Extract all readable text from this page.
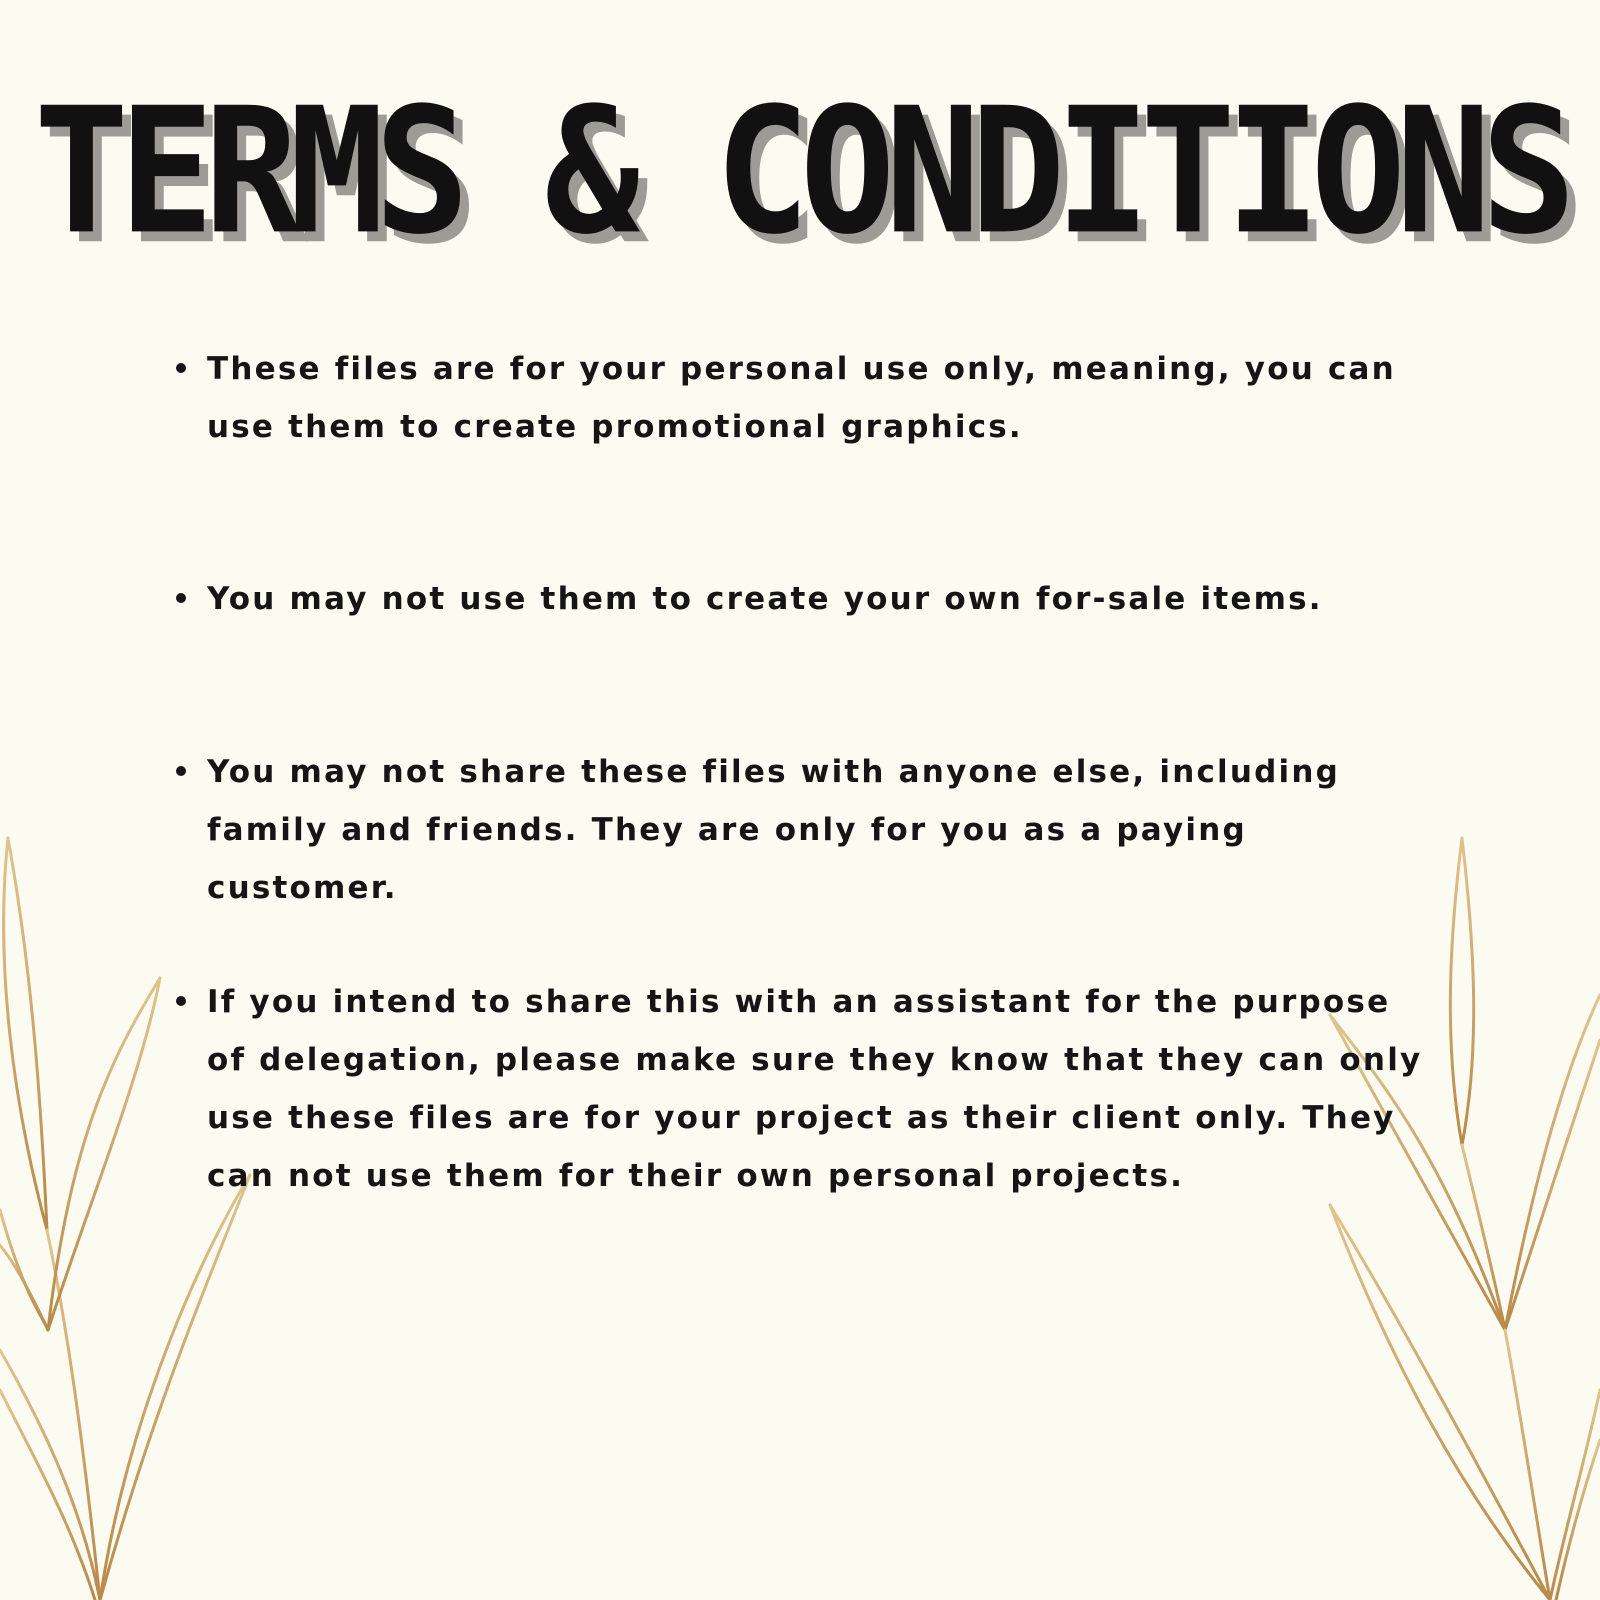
TERMS & CONDITIONS
These files are for your personal use only, meaning, you can use them to create promotional graphics.
You may not use them to create your own for-sale items.
You may not share these files with anyone else, including family and friends. They are only for you as a paying customer.
If you intend to share this with an assistant for the purpose of delegation, please make sure they know that they can only use these files are for your project as their client only. They can not use them for their own personal projects.
